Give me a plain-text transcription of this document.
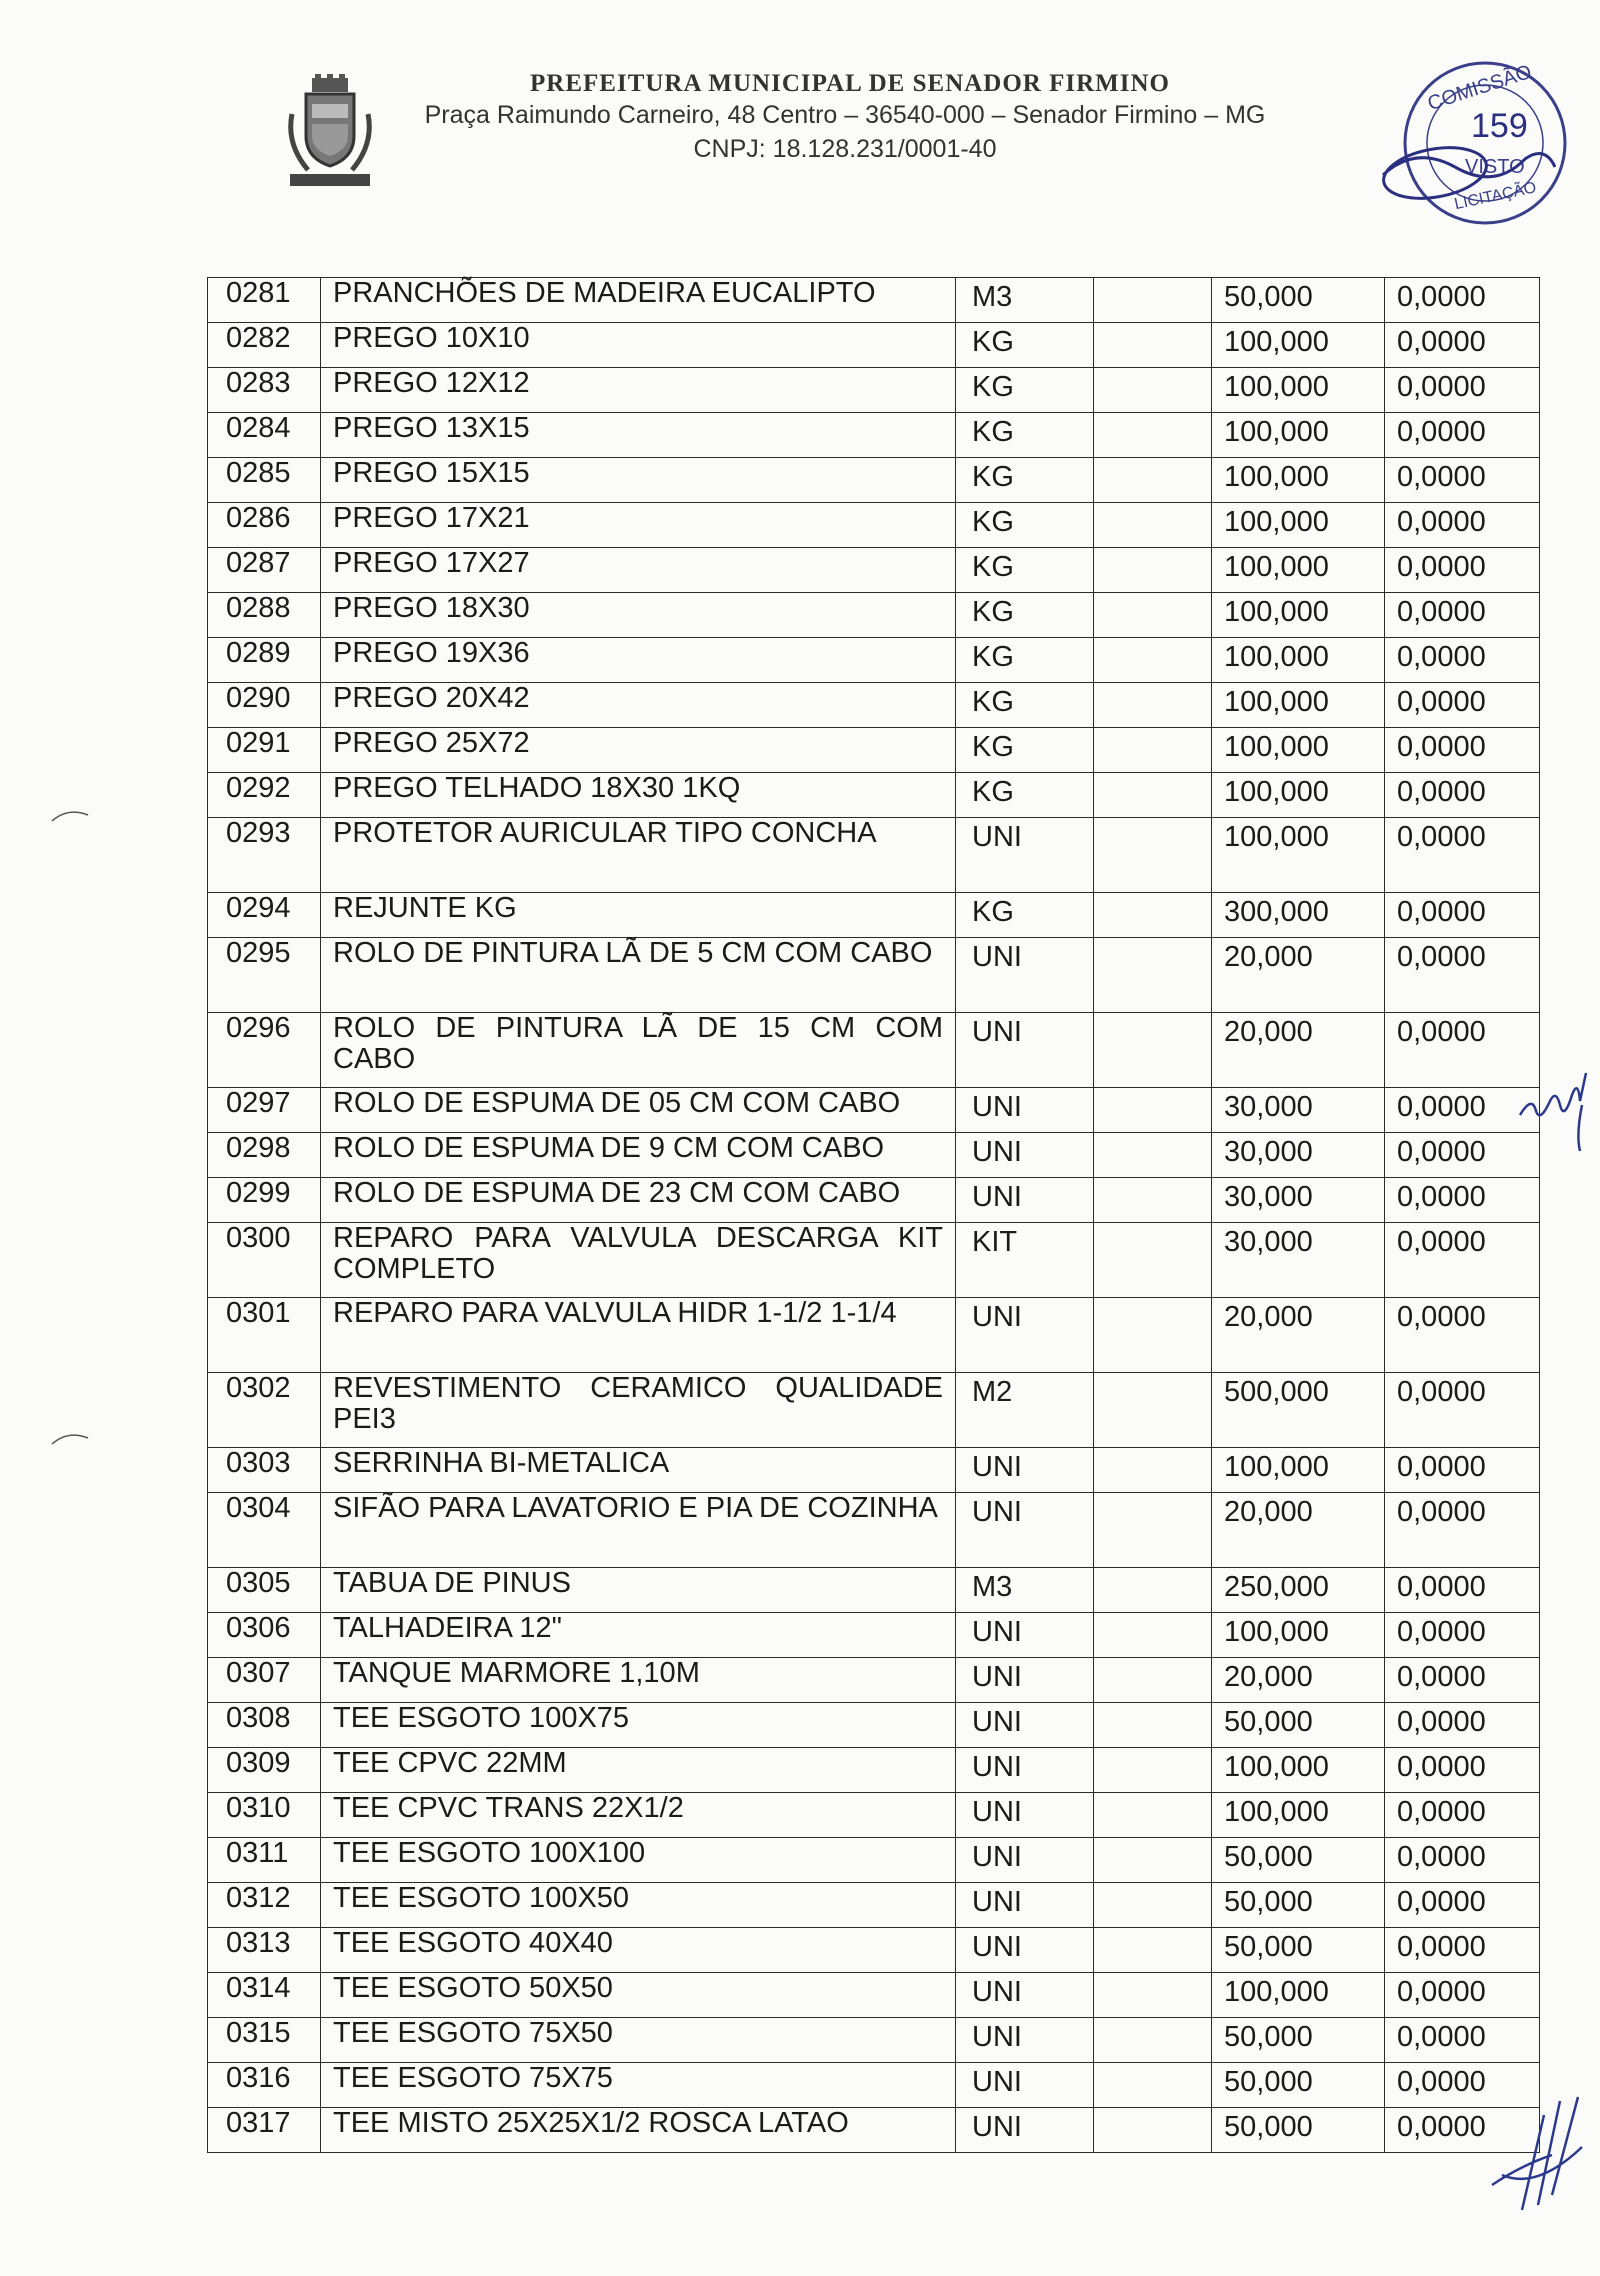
PREFEITURA MUNICIPAL DE SENADOR FIRMINO
Praça Raimundo Carneiro, 48 Centro – 36540-000 – Senador Firmino – MG
CNPJ: 18.128.231/0001-40
COMISSÃO
159
VISTO
LICITAÇÃO
0281	PRANCHÕES DE MADEIRA EUCALIPTO	M3		50,000	0,0000
0282	PREGO 10X10	KG		100,000	0,0000
0283	PREGO 12X12	KG		100,000	0,0000
0284	PREGO 13X15	KG		100,000	0,0000
0285	PREGO 15X15	KG		100,000	0,0000
0286	PREGO 17X21	KG		100,000	0,0000
0287	PREGO 17X27	KG		100,000	0,0000
0288	PREGO 18X30	KG		100,000	0,0000
0289	PREGO 19X36	KG		100,000	0,0000
0290	PREGO 20X42	KG		100,000	0,0000
0291	PREGO 25X72	KG		100,000	0,0000
0292	PREGO TELHADO 18X30 1KQ	KG		100,000	0,0000
0293	PROTETOR AURICULAR TIPO CONCHA	UNI		100,000	0,0000
0294	REJUNTE KG	KG		300,000	0,0000
0295	ROLO DE PINTURA LÃ DE 5 CM COM CABO	UNI		20,000	0,0000
0296	ROLO DE PINTURA LÃ DE 15 CM COM CABO	UNI		20,000	0,0000
0297	ROLO DE ESPUMA DE 05 CM COM CABO	UNI		30,000	0,0000
0298	ROLO DE ESPUMA DE 9 CM COM CABO	UNI		30,000	0,0000
0299	ROLO DE ESPUMA DE 23 CM COM CABO	UNI		30,000	0,0000
0300	REPARO PARA VALVULA DESCARGA KIT COMPLETO	KIT		30,000	0,0000
0301	REPARO PARA VALVULA HIDR 1-1/2 1-1/4	UNI		20,000	0,0000
0302	REVESTIMENTO CERAMICO QUALIDADE PEI3	M2		500,000	0,0000
0303	SERRINHA BI-METALICA	UNI		100,000	0,0000
0304	SIFÃO PARA LAVATORIO E PIA DE COZINHA	UNI		20,000	0,0000
0305	TABUA DE PINUS	M3		250,000	0,0000
0306	TALHADEIRA 12"	UNI		100,000	0,0000
0307	TANQUE MARMORE 1,10M	UNI		20,000	0,0000
0308	TEE ESGOTO 100X75	UNI		50,000	0,0000
0309	TEE CPVC 22MM	UNI		100,000	0,0000
0310	TEE CPVC TRANS 22X1/2	UNI		100,000	0,0000
0311	TEE ESGOTO 100X100	UNI		50,000	0,0000
0312	TEE ESGOTO 100X50	UNI		50,000	0,0000
0313	TEE ESGOTO 40X40	UNI		50,000	0,0000
0314	TEE ESGOTO 50X50	UNI		100,000	0,0000
0315	TEE ESGOTO 75X50	UNI		50,000	0,0000
0316	TEE ESGOTO 75X75	UNI		50,000	0,0000
0317	TEE MISTO 25X25X1/2 ROSCA LATAO	UNI		50,000	0,0000
